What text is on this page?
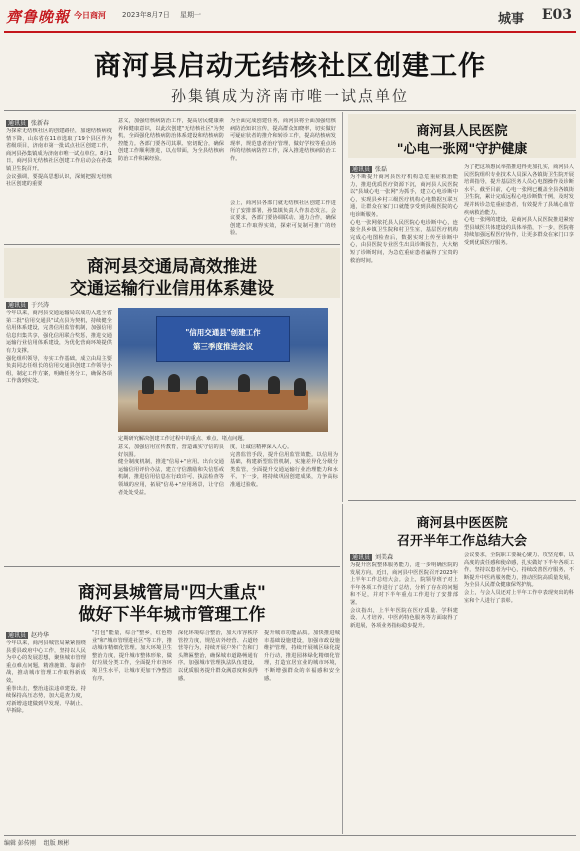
齊鲁晚報 今日商河 2023年8月7日 星期一	城事 E03
商河县启动无结核社区创建工作
孙集镇成为济南市唯一试点单位
通讯员 张新春
为探索无结核社区的创建路径，加速结核病疫情下降，山东省在11市选取了19个县区作为省级项目，济南市第一批试点社区创建工作，商河县孙集镇成为济南市唯一试点单位。8月1日，商河县无结核社区创建工作启动会在孙集镇卫生院召开。
会议强调，要提高思想认识，深刻把握无结核社区创建的重要
意义，加强结核病防治工作，提高居民健康素养和健康意识，以此次创建"无结核社区"为契机，全面强化结核病防治体系建设和结核病防控能力。各部门要各司其职、密切配合，确保创建工作顺利推进，以点带面，为全县结核病防治工作积累经验。
为全面完成创建任务，商河县将全面加强结核病防治知识宣传，提高群众知晓率，切实做好可疑症状者的推介和转诊工作，提高结核病发现率，规范患者治疗管理，做好学校等重点场所的结核病防控工作，深入推进结核病防治工作。
会上，商河县各部门就无结核社区创建工作进行了安排部署，孙集镇负责人作表态发言。会议要求，各部门要协调联动、通力合作，确保创建工作取得实效，探索可复制可推广的经验。
商河县人民医院
"心电一张网"守护健康
通讯员 张磊
为不断提升商河县医疗机构急危重症救治能力，推进优质医疗资源下沉，商河县人民医院以"县域心电一张网"为抓手，建立心电诊断中心，实现县乡村三级医疗机构心电数据互联互通，让群众在家门口就能享受到县级医院的心电诊断服务。
心电一张网依托县人民医院心电诊断中心，连接全县乡镇卫生院和村卫生室，基层医疗机构完成心电图检查后，数据实时上传至诊断中心，由县医院专业医生出具诊断报告，大大缩短了诊断时间，为急危重症患者赢得了宝贵的救治时间。
为了把这项惠民举措推进得更加扎实，商河县人民医院组织专业技术人员深入各镇街卫生院开展培训指导，提升基层医务人员心电图操作及诊断水平。截至目前，心电一张网已覆盖全县各镇街卫生院，累计完成远程心电诊断数千例，及时发现并转诊急危重症患者，有效提升了县域心血管疾病救治能力。
心电一张网的建设，是商河县人民医院推进紧密型县域医共体建设的具体举措，下一步，医院将持续加强远程医疗协作，让更多群众在家门口享受到优质医疗服务。
商河县中医医院
召开半年工作总结大会
通讯员 刘美森
为提升医院整体服务能力，进一步明确医院的发展方向，近日，商河县中医医院召开2023年上半年工作总结大会。会上，院领导班子对上半年各项工作进行了总结，分析了存在的问题和不足，并对下半年重点工作进行了安排部署。
会议指出，上半年医院在医疗质量、学科建设、人才培养、中医药特色服务等方面取得了新进展，各项业务指标稳步提升。
会议要求，全院职工要凝心聚力、攻坚克难，以高度的责任感和使命感，扎实做好下半年各项工作，坚持以患者为中心，持续改善医疗服务，不断提升中医药服务能力，推动医院高质量发展，为全县人民群众健康保驾护航。
会上，与会人员还对上半年工作中表现突出的科室和个人进行了表彰。
商河县交通局高效推进
交通运输行业信用体系建设
通讯员 于兴涛
今年以来，商河县交通运输局以成功入选全省第二批"信用交通县"试点县为契机，持续健全信用体系建设，完善信用监管机制，加强信用信息归集共享，强化信用联合奖惩，推进交通运输行业信用体系建设，为优化营商环境提供有力支撑。
强化组织领导，夯实工作基础。成立由局主要负责同志任组长的信用交通县创建工作领导小组，制定工作方案，明确任务分工，确保各项工作落到实处。
"信用交通县"创建工作
第三季度推进会议
定期研究解决创建工作过程中的重点、难点、堵点问题。
意义，加强信用宣传教育，营造诚实守信的良好氛围。
健全制度机制，推进"信易+"应用。出台交通运输信用评价办法，建立守信激励和失信惩戒机制，推进信用信息在行政许可、执法检查等领域的应用，拓展"信易+"应用场景，让守信者处处受益。
度，让诚信精神深入人心。
完善监管手段，提升信用监管效能。以信用为基础，构建新型监管机制，实施差异化分级分类监管，全面提升交通运输行业治理能力和水平。下一步，将持续巩固创建成果，力争高标准通过验收。
商河县城管局"四大重点"
做好下半年城市管理工作
通讯员 赵玲华
今年以来，商河县城管局紧紧围绕县委县政府中心工作，坚持以人民为中心的发展思想，聚焦城市管理重点难点问题，精准施策、靠前作战，推动城市管理工作取得新成效。
重拳出击，整治违法违章建设。持续保持高压态势，加大巡查力度，对新增违建做到早发现、早制止、早拆除。
"打包"能量，综合"整乡，红色物业"和"城市管理进社区"等工作，推动城市精细化管理。加大环境卫生整治力度，提升城市整体形象，做好垃圾分类工作，全面提升市容环境卫生水平，让城市更加干净整洁有序。
深化环境综合整治，加大市容秩序管控力度，规范店外经营、占道经营等行为，持续开展户外广告和门头牌匾整治，确保城市道路畅通有序。加强城市管理执法队伍建设，以优质服务提升群众满意度和获得感。
提升城市功能品质。加快推进城市基础设施建设，加强市政设施维护管理，持续开展城区绿化提升行动，推进园林绿化精细化管理，打造宜居宜业的城市环境，不断增强群众的幸福感和安全感。
编辑 彭传刚 组版 顾彬
